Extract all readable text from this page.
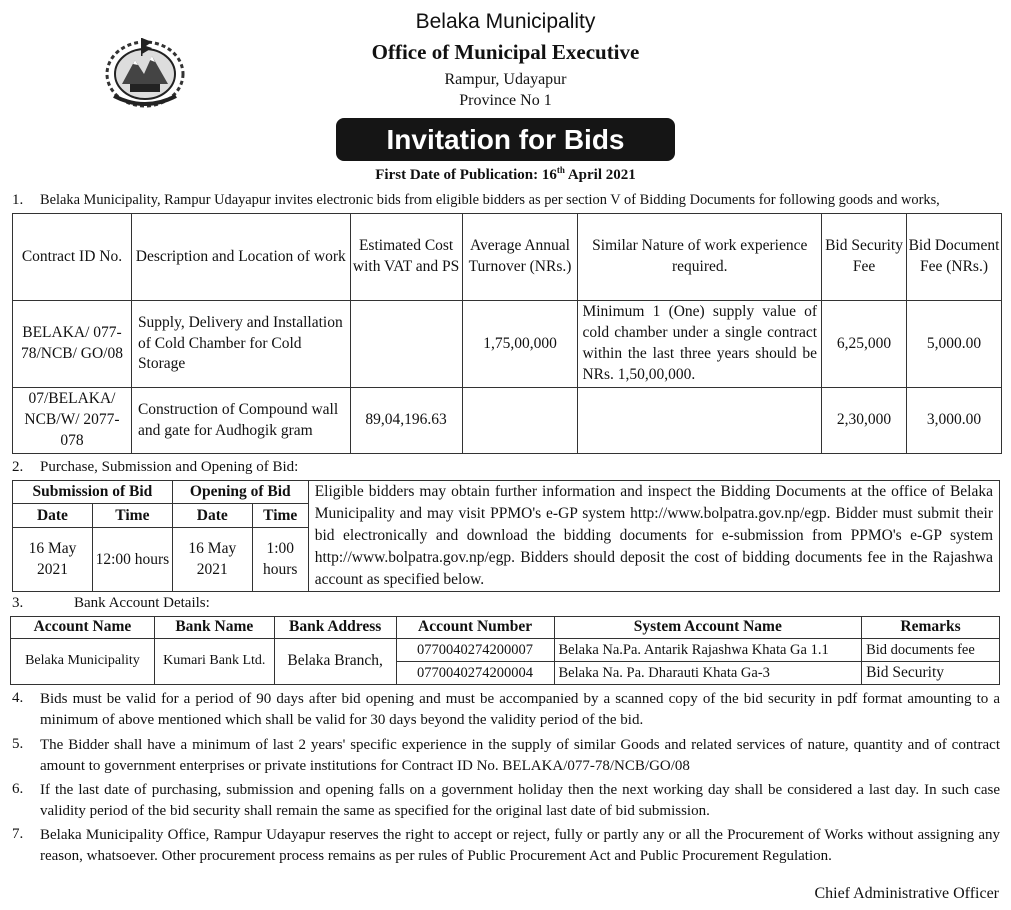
Belaka Municipality
Office of Municipal Executive
Rampur, Udayapur
Province No 1
Invitation for Bids
First Date of Publication: 16th April 2021
1. Belaka Municipality, Rampur Udayapur invites electronic bids from eligible bidders as per section V of Bidding Documents for following goods and works,
Contract ID No.	Description and Location of work	Estimated Cost with VAT and PS	Average Annual Turnover (NRs.)	Similar Nature of work experience required.	Bid Security Fee	Bid Document Fee (NRs.)
BELAKA/ 077-78/NCB/ GO/08	Supply, Delivery and Installation of Cold Chamber for Cold Storage		1,75,00,000	Minimum 1 (One) supply value of cold chamber under a single contract within the last three years should be NRs. 1,50,00,000.	6,25,000	5,000.00
07/BELAKA/ NCB/W/ 2077-078	Construction of Compound wall and gate for Audhogik gram	89,04,196.63			2,30,000	3,000.00
2. Purchase, Submission and Opening of Bid:
Submission of Bid		Opening of Bid		Eligible bidders may obtain further information and inspect the Bidding Documents at the office of Belaka Municipality and may visit PPMO's e-GP system http://www.bolpatra.gov.np/egp. Bidder must submit their bid electronically and download the bidding documents for e-submission from PPMO's e-GP system http://www.bolpatra.gov.np/egp. Bidders should deposit the cost of bidding documents fee in the Rajashwa account as specified below.
Date	Time	Date	Time	
16 May 2021	12:00 hours	16 May 2021	1:00 hours	
3.	Bank Account Details:
Account Name	Bank Name	Bank Address	Account Number	System Account Name	Remarks
Belaka Municipality	Kumari Bank Ltd.	Belaka Branch,	0770040274200007	Belaka Na.Pa. Antarik Rajashwa Khata Ga 1.1	Bid documents fee
			0770040274200004	Belaka Na. Pa. Dharauti Khata Ga-3	Bid Security
4. Bids must be valid for a period of 90 days after bid opening and must be accompanied by a scanned copy of the bid security in pdf format amounting to a minimum of above mentioned which shall be valid for 30 days beyond the validity period of the bid.
5. The Bidder shall have a minimum of last 2 years' specific experience in the supply of similar Goods and related services of nature, quantity and of contract amount to government enterprises or private institutions for Contract ID No. BELAKA/077-78/NCB/GO/08
6. If the last date of purchasing, submission and opening falls on a government holiday then the next working day shall be considered a last day. In such case validity period of the bid security shall remain the same as specified for the original last date of bid submission.
7. Belaka Municipality Office, Rampur Udayapur reserves the right to accept or reject, fully or partly any or all the Procurement of Works without assigning any reason, whatsoever. Other procurement process remains as per rules of Public Procurement Act and Public Procurement Regulation.
Chief Administrative Officer
